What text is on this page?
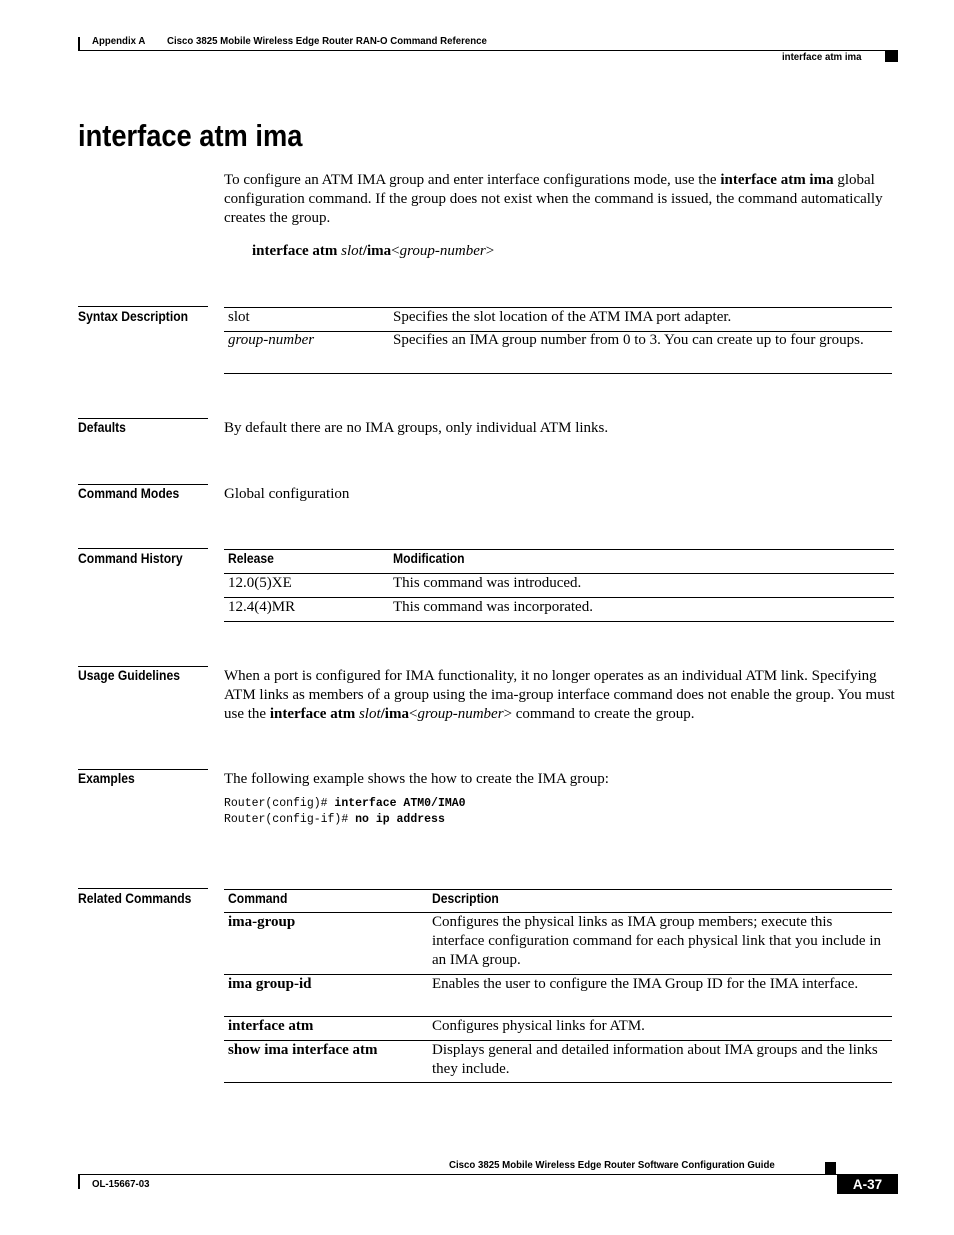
Appendix A Cisco 3825 Mobile Wireless Edge Router RAN-O Command Reference
interface atm ima
interface atm ima
To configure an ATM IMA group and enter interface configurations mode, use the interface atm ima global configuration command. If the group does not exist when the command is issued, the command automatically creates the group.
interface atm slot/ima<group-number>
Syntax Description	slot	Specifies the slot location of the ATM IMA port adapter.
group-number	Specifies an IMA group number from 0 to 3. You can create up to four groups.
Defaults	By default there are no IMA groups, only individual ATM links.
Command Modes	Global configuration
Command History	Release	Modification
12.0(5)XE	This command was introduced.
12.4(4)MR	This command was incorporated.
Usage Guidelines	When a port is configured for IMA functionality, it no longer operates as an individual ATM link. Specifying ATM links as members of a group using the ima-group interface command does not enable the group. You must use the interface atm slot/ima<group-number> command to create the group.
Examples	The following example shows the how to create the IMA group:
Router(config)# interface ATM0/IMA0
Router(config-if)# no ip address
Related Commands	Command	Description
ima-group	Configures the physical links as IMA group members; execute this interface configuration command for each physical link that you include in an IMA group.
ima group-id	Enables the user to configure the IMA Group ID for the IMA interface.
interface atm	Configures physical links for ATM.
show ima interface atm	Displays general and detailed information about IMA groups and the links they include.
Cisco 3825 Mobile Wireless Edge Router Software Configuration Guide
OL-15667-03	A-37
